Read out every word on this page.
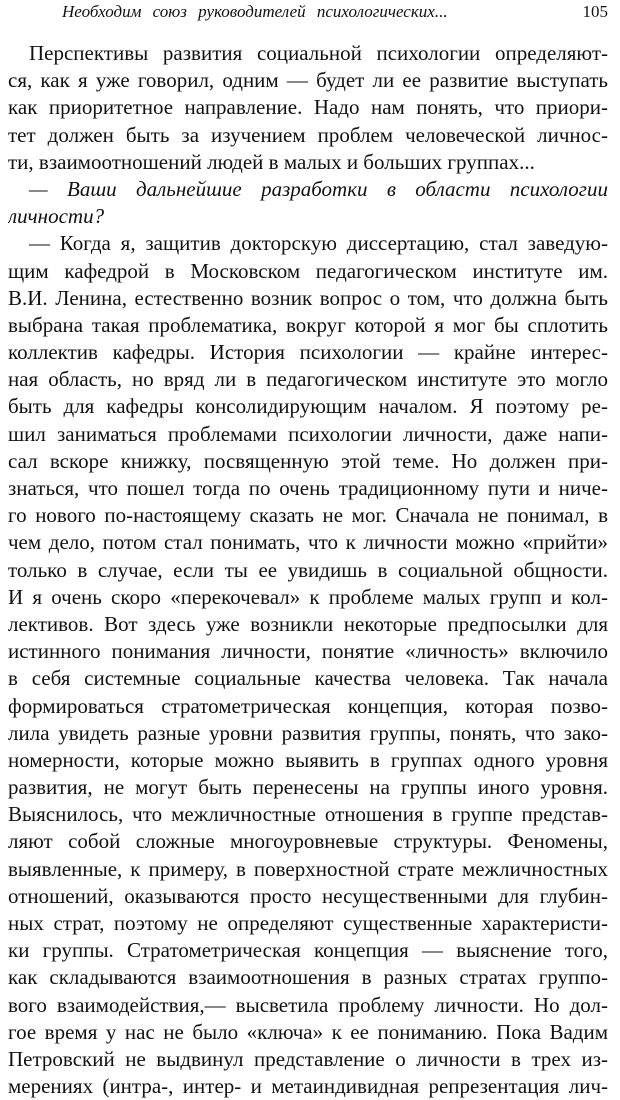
Необходим союз руководителей психологических...	105
Перспективы развития социальной психологии определяют-
ся, как я уже говорил, одним — будет ли ее развитие выступать
как приоритетное направление. Надо нам понять, что приори-
тет должен быть за изучением проблем человеческой личнос-
ти, взаимоотношений людей в малых и больших группах...
— Ваши дальнейшие разработки в области психологии
личности?
— Когда я, защитив докторскую диссертацию, стал заведую-
щим кафедрой в Московском педагогическом институте им.
В.И. Ленина, естественно возник вопрос о том, что должна быть
выбрана такая проблематика, вокруг которой я мог бы сплотить
коллектив кафедры. История психологии — крайне интерес-
ная область, но вряд ли в педагогическом институте это могло
быть для кафедры консолидирующим началом. Я поэтому ре-
шил заниматься проблемами психологии личности, даже напи-
сал вскоре книжку, посвященную этой теме. Но должен при-
знаться, что пошел тогда по очень традиционному пути и ниче-
го нового по-настоящему сказать не мог. Сначала не понимал, в
чем дело, потом стал понимать, что к личности можно «прийти»
только в случае, если ты ее увидишь в социальной общности.
И я очень скоро «перекочевал» к проблеме малых групп и кол-
лективов. Вот здесь уже возникли некоторые предпосылки для
истинного понимания личности, понятие «личность» включило
в себя системные социальные качества человека. Так начала
формироваться стратометрическая концепция, которая позво-
лила увидеть разные уровни развития группы, понять, что зако-
номерности, которые можно выявить в группах одного уровня
развития, не могут быть перенесены на группы иного уровня.
Выяснилось, что межличностные отношения в группе представ-
ляют собой сложные многоуровневые структуры. Феномены,
выявленные, к примеру, в поверхностной страте межличностных
отношений, оказываются просто несущественными для глубин-
ных страт, поэтому не определяют существенные характеристи-
ки группы. Стратометрическая концепция — выяснение того,
как складываются взаимоотношения в разных стратах группо-
вого взаимодействия,— высветила проблему личности. Но дол-
гое время у нас не было «ключа» к ее пониманию. Пока Вадим
Петровский не выдвинул представление о личности в трех из-
мерениях (интра-, интер- и метаиндивидная репрезентация лич-
